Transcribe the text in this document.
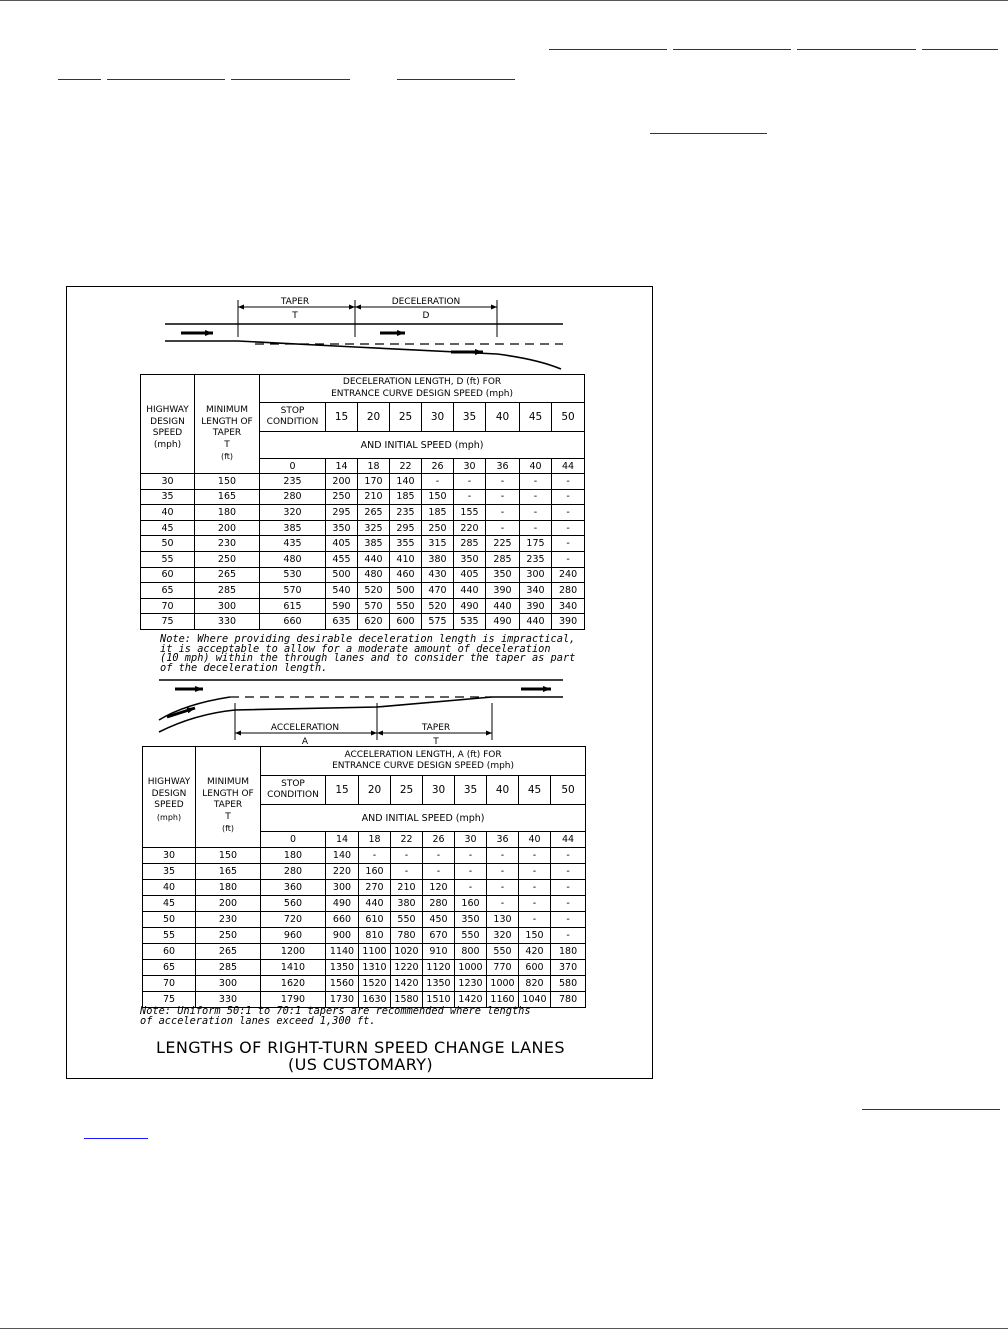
TAPER
T
DECELERATION
D
HIGHWAY
DESIGN
SPEED
(mph)	MINIMUM
LENGTH OF
TAPER
T
(ft)	DECELERATION LENGTH, D (ft) FOR
ENTRANCE CURVE DESIGN SPEED (mph)								
		STOP
CONDITION	15	20	25	30	35	40	45	50
		AND INITIAL SPEED (mph)								
		0	14	18	22	26	30	36	40	44
30	150	235	200	170	140	-	-	-	-	-
35	165	280	250	210	185	150	-	-	-	-
40	180	320	295	265	235	185	155	-	-	-
45	200	385	350	325	295	250	220	-	-	-
50	230	435	405	385	355	315	285	225	175	-
55	250	480	455	440	410	380	350	285	235	-
60	265	530	500	480	460	430	405	350	300	240
65	285	570	540	520	500	470	440	390	340	280
70	300	615	590	570	550	520	490	440	390	340
75	330	660	635	620	600	575	535	490	440	390
Note: Where providing desirable deceleration length is impractical,
it is acceptable to allow for a moderate amount of deceleration
(10 mph) within the through lanes and to consider the taper as part
of the deceleration length.
ACCELERATION
A
TAPER
T
HIGHWAY
DESIGN
SPEED
(mph)	MINIMUM
LENGTH OF
TAPER
T
(ft)	ACCELERATION LENGTH, A (ft) FOR
ENTRANCE CURVE DESIGN SPEED (mph)								
		STOP
CONDITION	15	20	25	30	35	40	45	50
		AND INITIAL SPEED (mph)								
		0	14	18	22	26	30	36	40	44
30	150	180	140	-	-	-	-	-	-	-
35	165	280	220	160	-	-	-	-	-	-
40	180	360	300	270	210	120	-	-	-	-
45	200	560	490	440	380	280	160	-	-	-
50	230	720	660	610	550	450	350	130	-	-
55	250	960	900	810	780	670	550	320	150	-
60	265	1200	1140	1100	1020	910	800	550	420	180
65	285	1410	1350	1310	1220	1120	1000	770	600	370
70	300	1620	1560	1520	1420	1350	1230	1000	820	580
75	330	1790	1730	1630	1580	1510	1420	1160	1040	780
Note: Uniform 50:1 to 70:1 tapers are recommended where lengths
of acceleration lanes exceed 1,300 ft.
LENGTHS OF RIGHT-TURN SPEED CHANGE LANES
(US CUSTOMARY)
